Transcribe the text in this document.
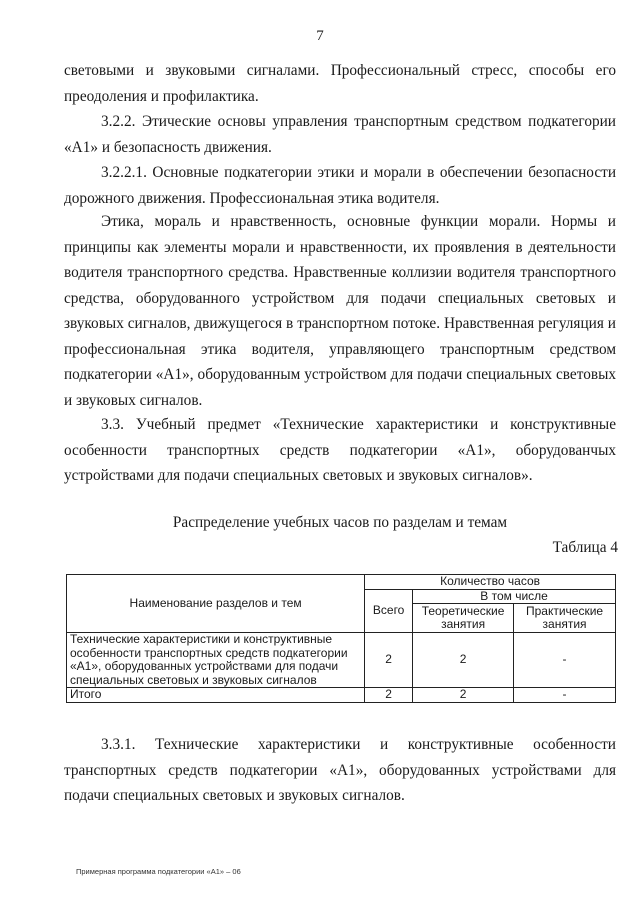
7

световыми и звуковыми сигналами. Профессиональный стресс, способы его преодоления и профилактика.

3.2.2. Этические основы управления транспортным средством подкатегории «А1» и безопасность движения.

3.2.2.1. Основные подкатегории этики и морали в обеспечении безопасности дорожного движения. Профессиональная этика водителя.

Этика, мораль и нравственность, основные функции морали. Нормы и принципы как элементы морали и нравственности, их проявления в деятельности водителя транспортного средства. Нравственные коллизии водителя транспортного средства, оборудованного устройством для подачи специальных световых и звуковых сигналов, движущегося в транспортном потоке. Нравственная регуляция и профессиональная этика водителя, управляющего транспортным средством подкатегории «А1», оборудованным устройством для подачи специальных световых и звуковых сигналов.

3.3. Учебный предмет «Технические характеристики и конструктивные особенности транспортных средств подкатегории «А1», оборудованчых устройствами для подачи специальных световых и звуковых сигналов».

Распределение учебных часов по разделам и темам
Таблица 4
Наименование разделов и тем	Количество часов		
	Всего	В том числе	
		Теоретические занятия	Практические занятия
Технические характеристики и конструктивные особенности транспортных средств подкатегории «А1», оборудованных устройствами для подачи специальных световых и звуковых сигналов	2	2	-
Итого	2	2	-

3.3.1. Технические характеристики и конструктивные особенности транспортных средств подкатегории «А1», оборудованных устройствами для подачи специальных световых и звуковых сигналов.

Примерная программа подкатегории «А1» – 06
